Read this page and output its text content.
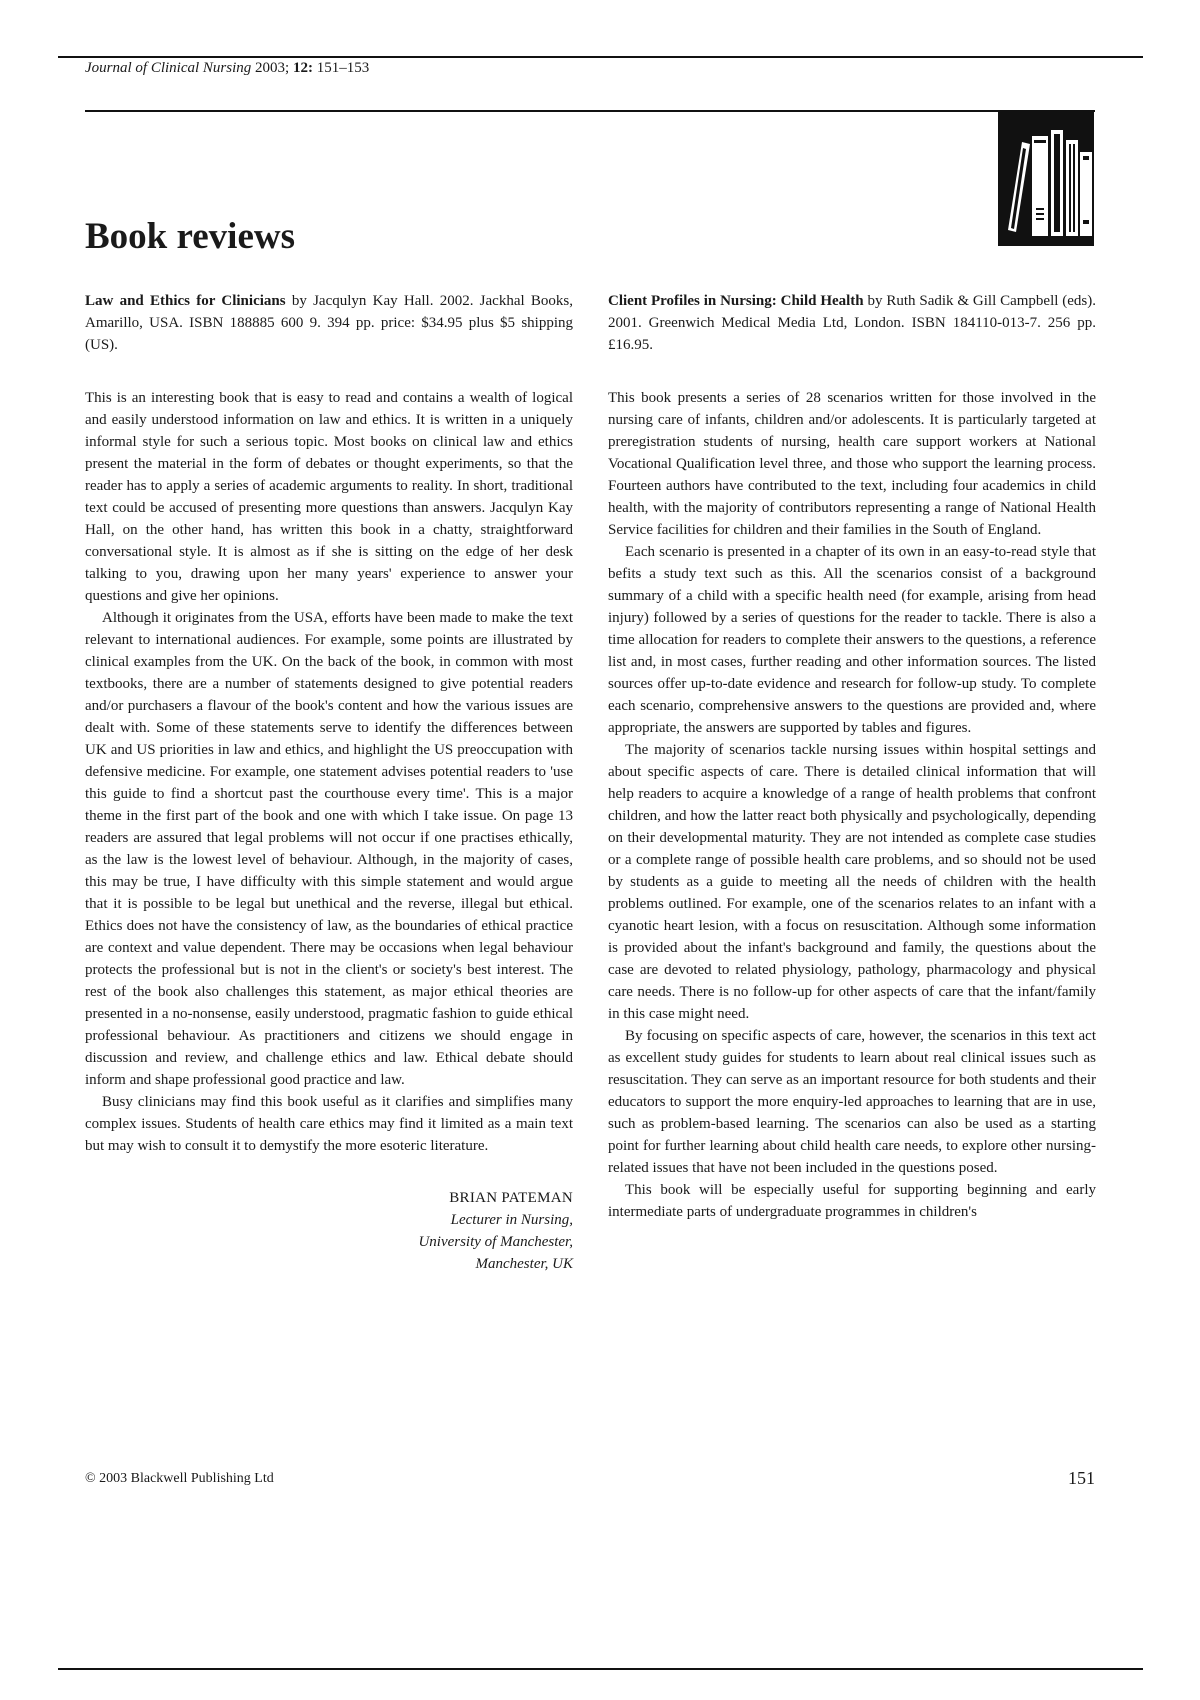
Journal of Clinical Nursing 2003; 12: 151–153
Book reviews

Law and Ethics for Clinicians by Jacqulyn Kay Hall. 2002. Jackhal Books, Amarillo, USA. ISBN 188885 600 9. 394 pp. price: $34.95 plus $5 shipping (US).

This is an interesting book that is easy to read and contains a wealth of logical and easily understood information on law and ethics. It is written in a uniquely informal style for such a serious topic. Most books on clinical law and ethics present the material in the form of debates or thought experiments, so that the reader has to apply a series of academic arguments to reality. In short, traditional text could be accused of presenting more questions than answers. Jacqulyn Kay Hall, on the other hand, has written this book in a chatty, straightforward conversational style. It is almost as if she is sitting on the edge of her desk talking to you, drawing upon her many years' experience to answer your questions and give her opinions.

Although it originates from the USA, efforts have been made to make the text relevant to international audiences. For example, some points are illustrated by clinical examples from the UK. On the back of the book, in common with most textbooks, there are a number of statements designed to give potential readers and/or purchasers a flavour of the book's content and how the various issues are dealt with. Some of these statements serve to identify the differences between UK and US priorities in law and ethics, and highlight the US preoccupation with defensive medicine. For example, one statement advises potential readers to 'use this guide to find a shortcut past the courthouse every time'. This is a major theme in the first part of the book and one with which I take issue. On page 13 readers are assured that legal problems will not occur if one practises ethically, as the law is the lowest level of behaviour. Although, in the majority of cases, this may be true, I have difficulty with this simple statement and would argue that it is possible to be legal but unethical and the reverse, illegal but ethical. Ethics does not have the consistency of law, as the boundaries of ethical practice are context and value dependent. There may be occasions when legal behaviour protects the professional but is not in the client's or society's best interest. The rest of the book also challenges this statement, as major ethical theories are presented in a no-nonsense, easily understood, pragmatic fashion to guide ethical professional behaviour. As practitioners and citizens we should engage in discussion and review, and challenge ethics and law. Ethical debate should inform and shape professional good practice and law.

Busy clinicians may find this book useful as it clarifies and simplifies many complex issues. Students of health care ethics may find it limited as a main text but may wish to consult it to demystify the more esoteric literature.

BRIAN PATEMAN
Lecturer in Nursing,
University of Manchester,
Manchester, UK

Client Profiles in Nursing: Child Health by Ruth Sadik & Gill Campbell (eds). 2001. Greenwich Medical Media Ltd, London. ISBN 184110-013-7. 256 pp. £16.95.

This book presents a series of 28 scenarios written for those involved in the nursing care of infants, children and/or adolescents. It is particularly targeted at preregistration students of nursing, health care support workers at National Vocational Qualification level three, and those who support the learning process. Fourteen authors have contributed to the text, including four academics in child health, with the majority of contributors representing a range of National Health Service facilities for children and their families in the South of England.

Each scenario is presented in a chapter of its own in an easy-to-read style that befits a study text such as this. All the scenarios consist of a background summary of a child with a specific health need (for example, arising from head injury) followed by a series of questions for the reader to tackle. There is also a time allocation for readers to complete their answers to the questions, a reference list and, in most cases, further reading and other information sources. The listed sources offer up-to-date evidence and research for follow-up study. To complete each scenario, comprehensive answers to the questions are provided and, where appropriate, the answers are supported by tables and figures.

The majority of scenarios tackle nursing issues within hospital settings and about specific aspects of care. There is detailed clinical information that will help readers to acquire a knowledge of a range of health problems that confront children, and how the latter react both physically and psychologically, depending on their developmental maturity. They are not intended as complete case studies or a complete range of possible health care problems, and so should not be used by students as a guide to meeting all the needs of children with the health problems outlined. For example, one of the scenarios relates to an infant with a cyanotic heart lesion, with a focus on resuscitation. Although some information is provided about the infant's background and family, the questions about the case are devoted to related physiology, pathology, pharmacology and physical care needs. There is no follow-up for other aspects of care that the infant/family in this case might need.

By focusing on specific aspects of care, however, the scenarios in this text act as excellent study guides for students to learn about real clinical issues such as resuscitation. They can serve as an important resource for both students and their educators to support the more enquiry-led approaches to learning that are in use, such as problem-based learning. The scenarios can also be used as a starting point for further learning about child health care needs, to explore other nursing-related issues that have not been included in the questions posed.

This book will be especially useful for supporting beginning and early intermediate parts of undergraduate programmes in children's

© 2003 Blackwell Publishing Ltd	151
